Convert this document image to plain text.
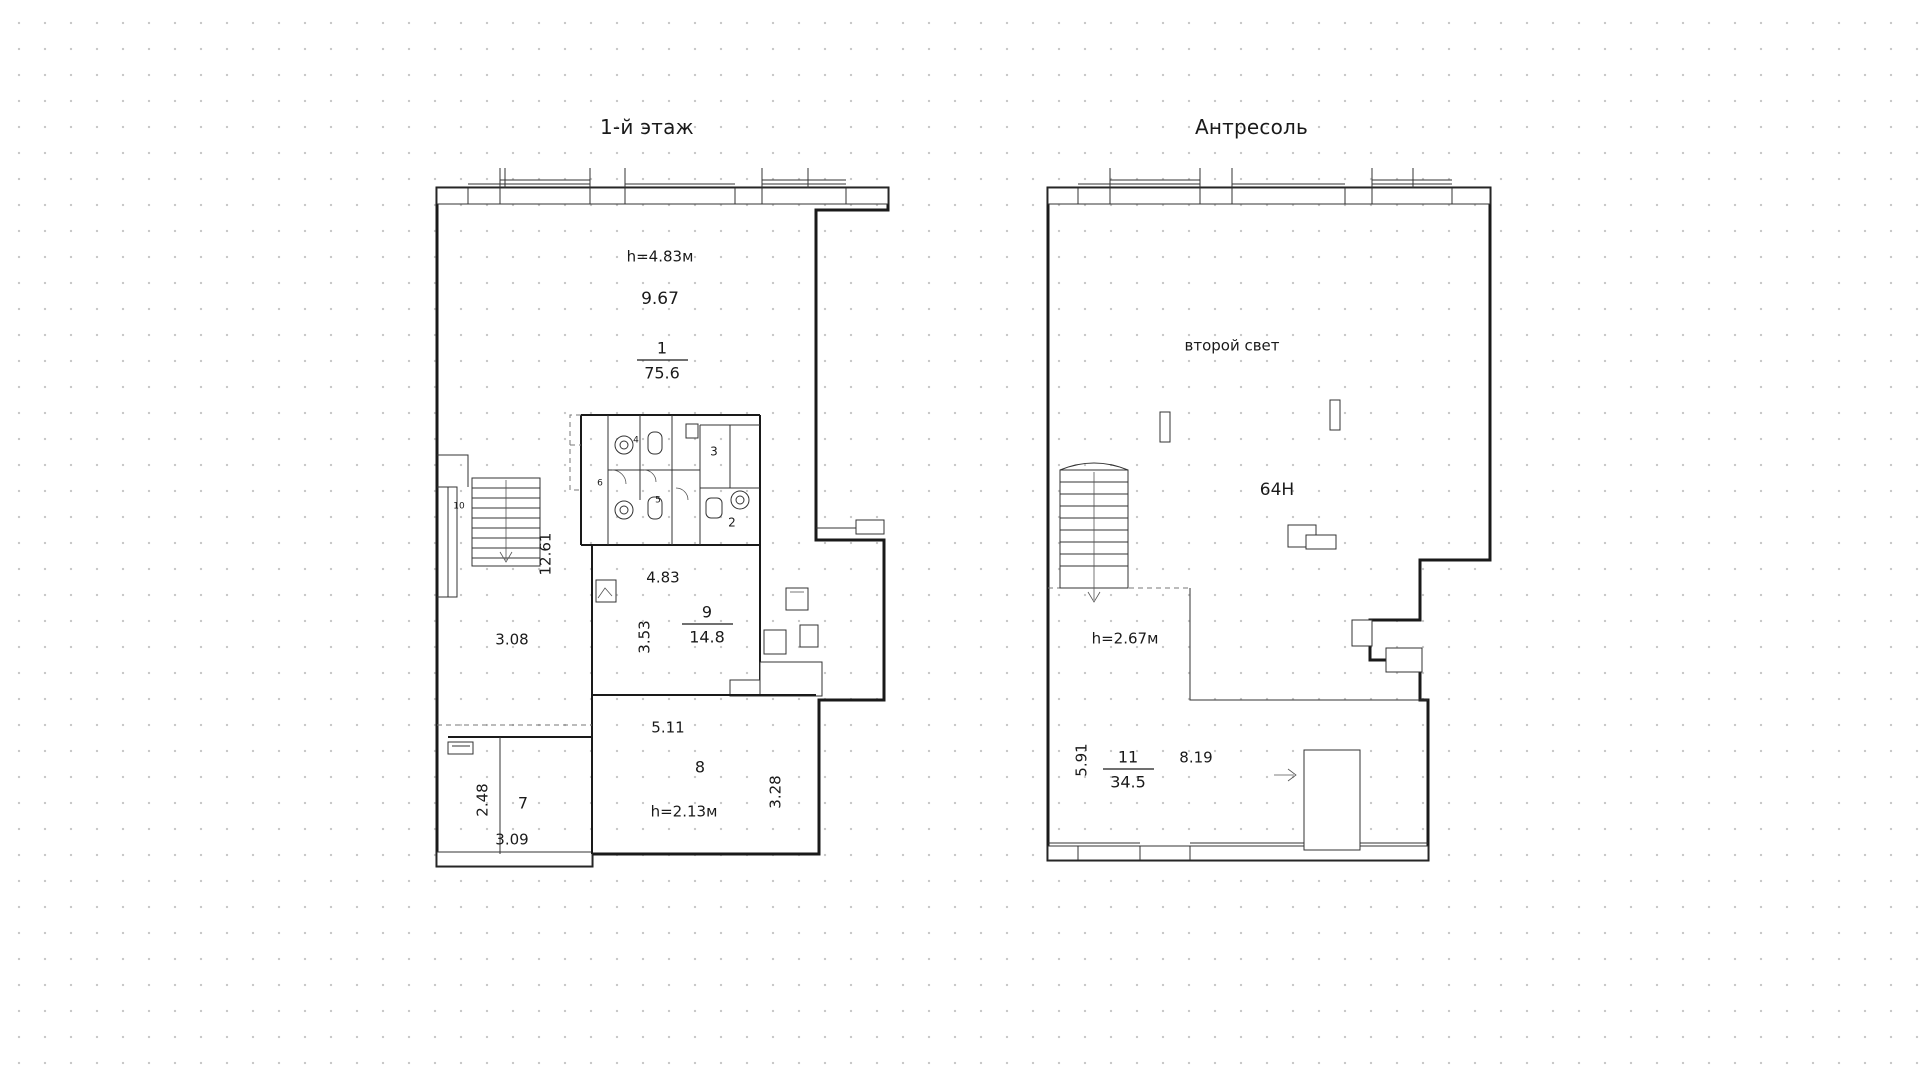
1-й этаж	Антресоль
h=4.83м
9.67
1
75.6
12.61
3.08
4.83
3.53
9
14.8
5.11
8
h=2.13м
3.28
2.48 7
3.09
10
6
5
4
3
2
второй свет
64H
h=2.67м
5.91 11
34.5
8.19
